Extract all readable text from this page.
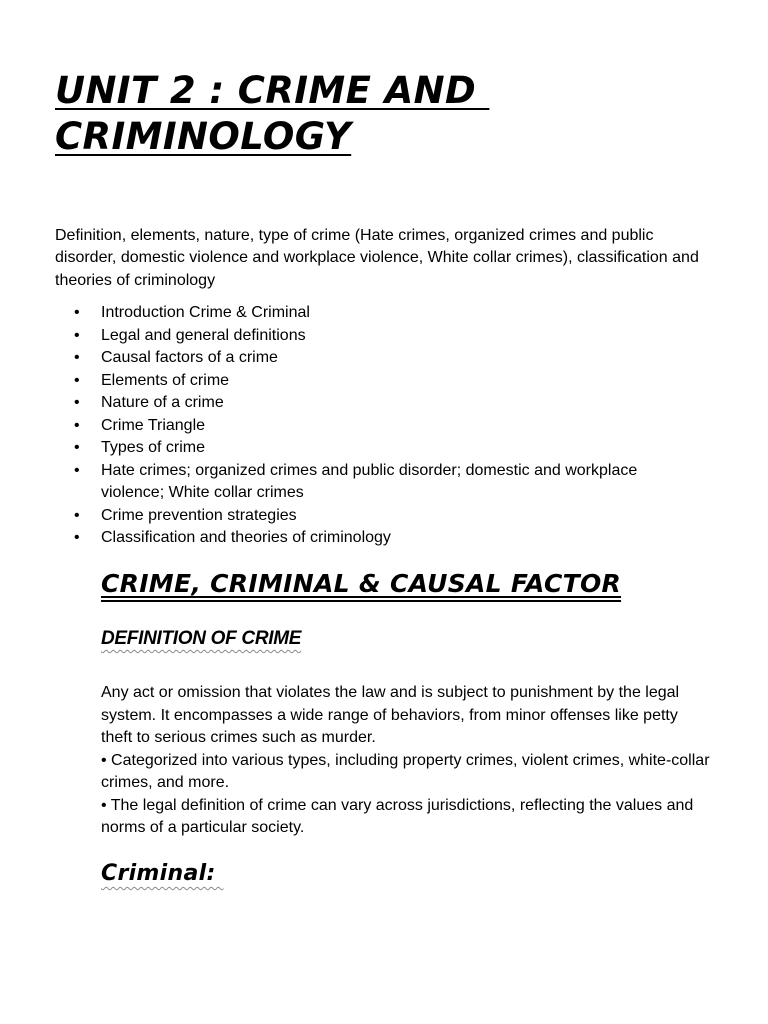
UNIT 2 : CRIME AND
CRIMINOLOGY

Definition, elements, nature, type of crime (Hate crimes, organized crimes and public disorder, domestic violence and workplace violence, White collar crimes), classification and theories of criminology

• Introduction Crime & Criminal
• Legal and general definitions
• Causal factors of a crime
• Elements of crime
• Nature of a crime
• Crime Triangle
• Types of crime
• Hate crimes; organized crimes and public disorder; domestic and workplace violence; White collar crimes
• Crime prevention strategies
• Classification and theories of criminology
CRIME, CRIMINAL & CAUSAL FACTOR
DEFINITION OF CRIME
Any act or omission that violates the law and is subject to punishment by the legal system. It encompasses a wide range of behaviors, from minor offenses like petty theft to serious crimes such as murder.
• Categorized into various types, including property crimes, violent crimes, white-collar crimes, and more.
• The legal definition of crime can vary across jurisdictions, reflecting the values and norms of a particular society.
Criminal:
